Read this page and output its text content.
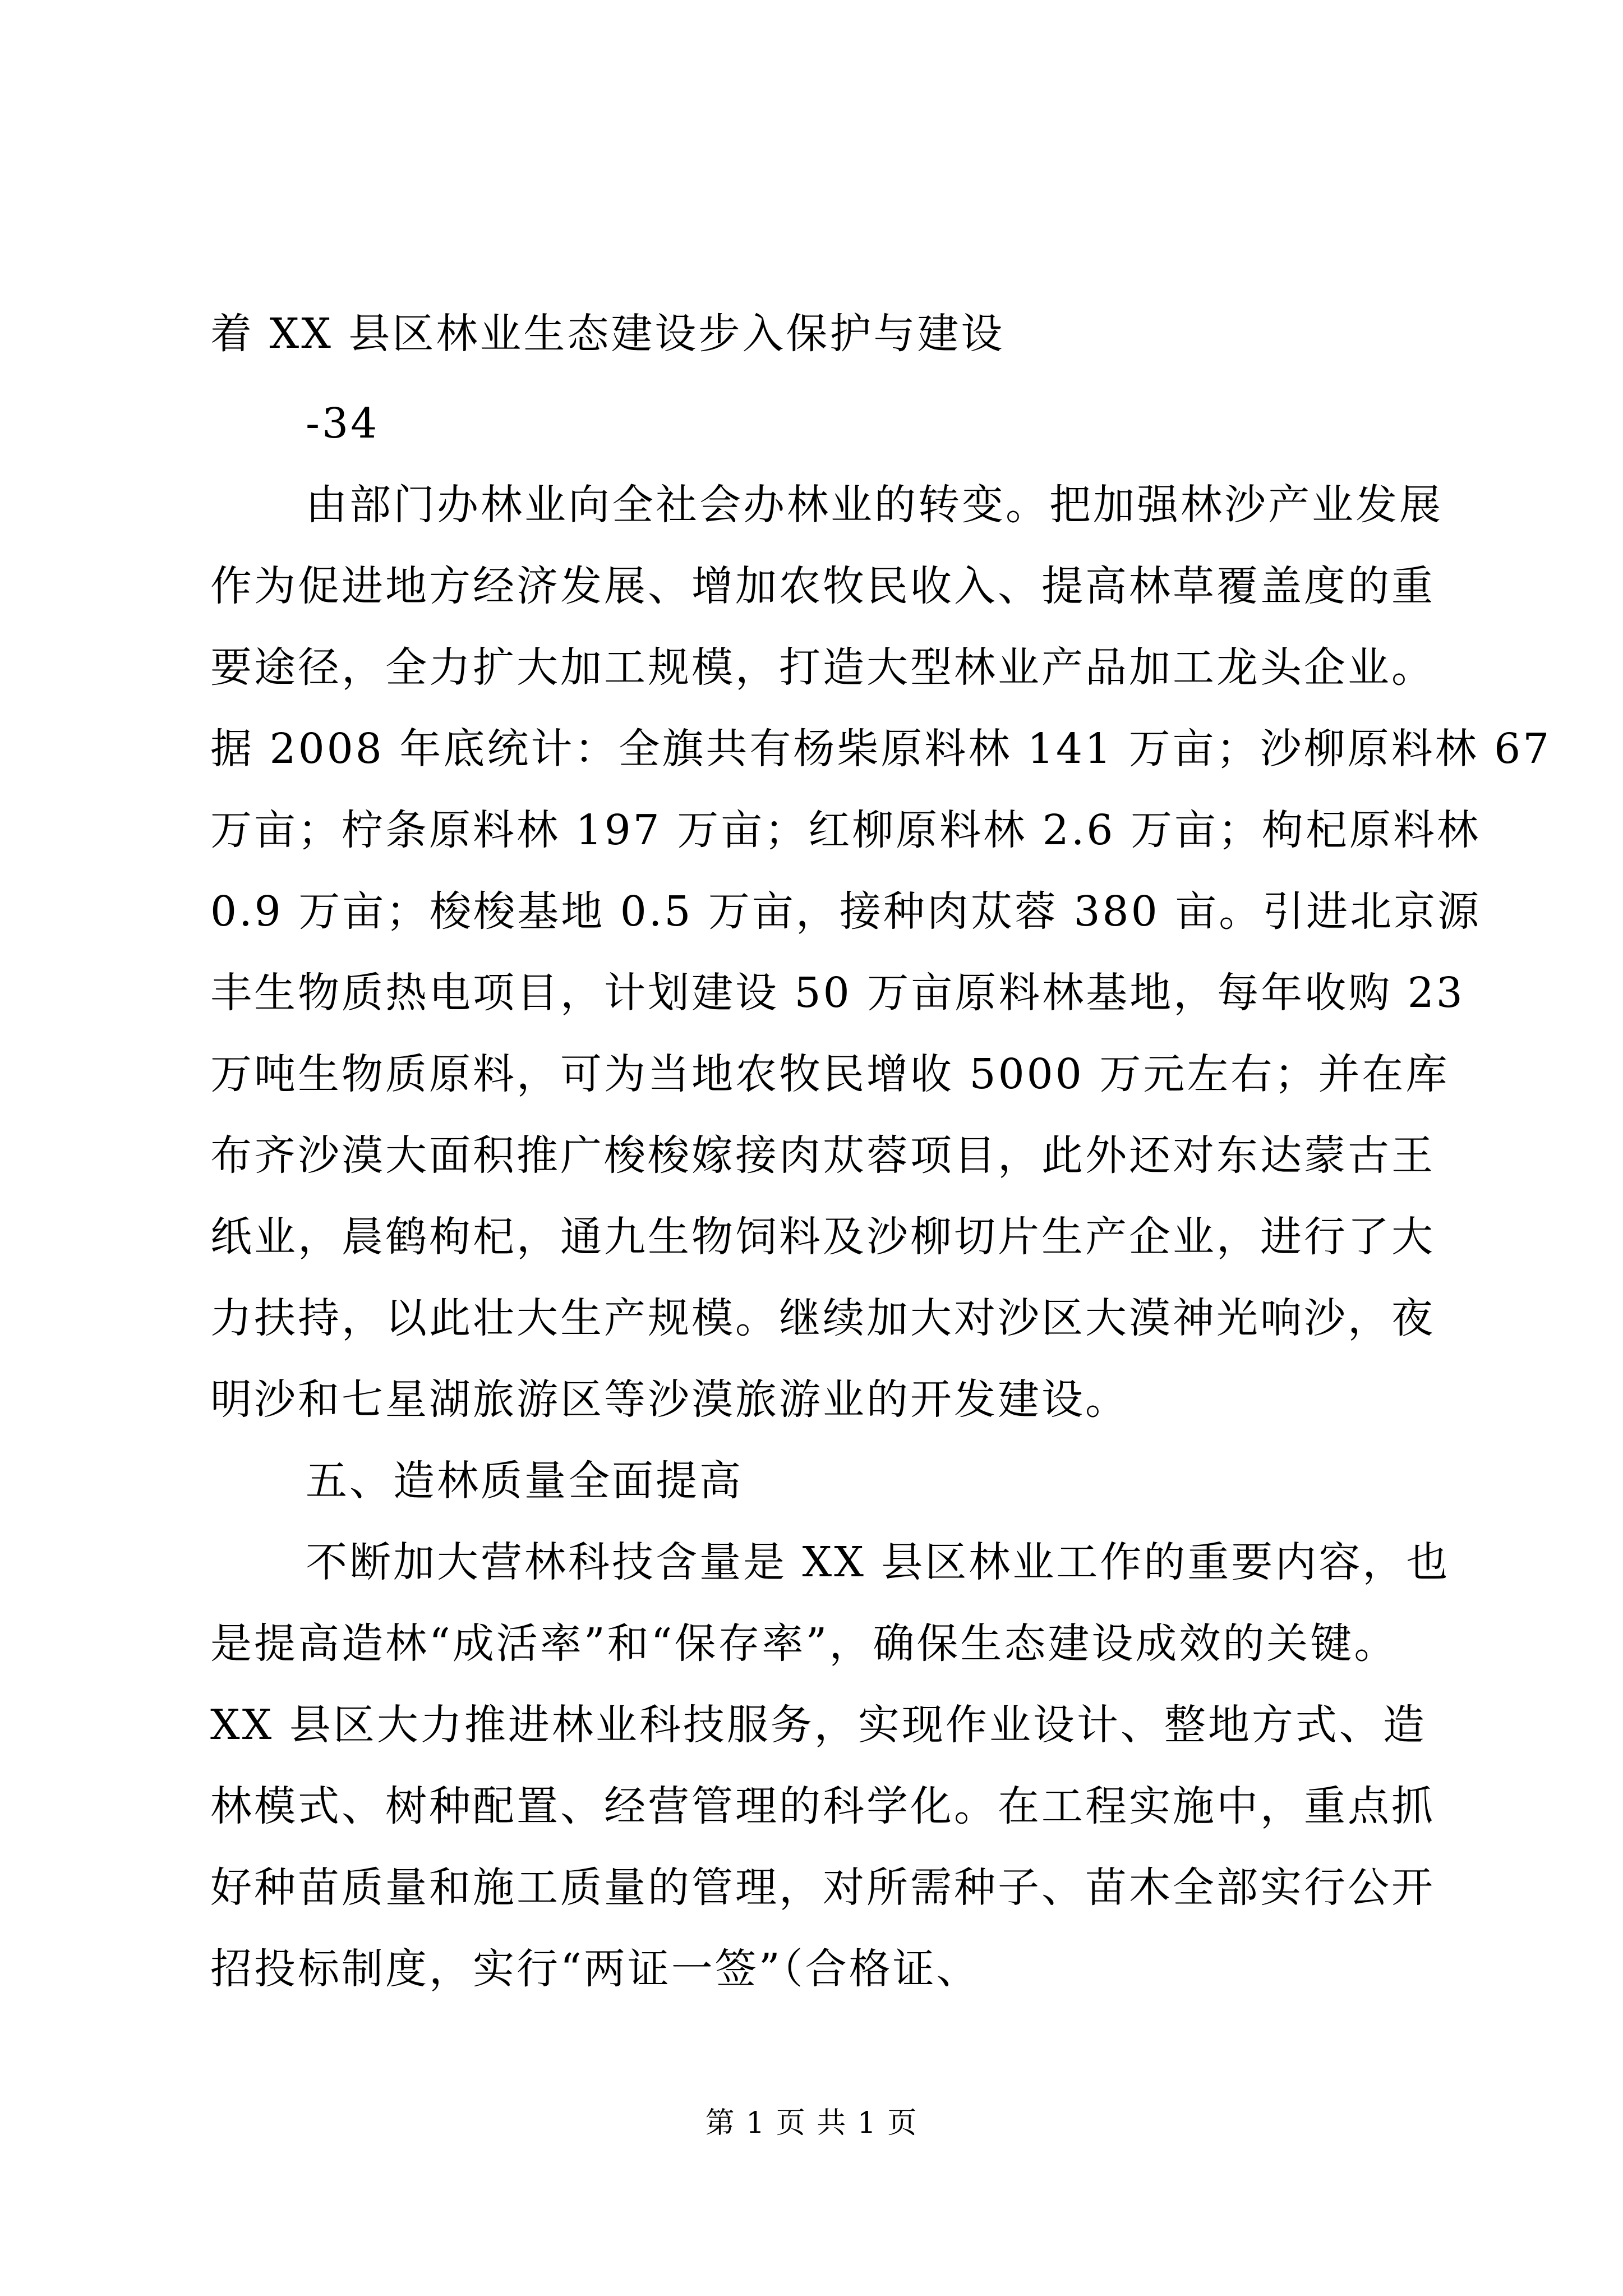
着 XX 县区林业生态建设步入保护与建设
-34
由部门办林业向全社会办林业的转变。把加强林沙产业发展
作为促进地方经济发展、增加农牧民收入、提高林草覆盖度的重
要途径，全力扩大加工规模，打造大型林业产品加工龙头企业。
据 2008 年底统计：全旗共有杨柴原料林 141 万亩；沙柳原料林 67
万亩；柠条原料林 197 万亩；红柳原料林 2.6 万亩；枸杞原料林
0.9 万亩；梭梭基地 0.5 万亩，接种肉苁蓉 380 亩。引进北京源
丰生物质热电项目，计划建设 50 万亩原料林基地，每年收购 23
万吨生物质原料，可为当地农牧民增收 5000 万元左右；并在库
布齐沙漠大面积推广梭梭嫁接肉苁蓉项目，此外还对东达蒙古王
纸业，晨鹤枸杞，通九生物饲料及沙柳切片生产企业，进行了大
力扶持，以此壮大生产规模。继续加大对沙区大漠神光响沙，夜
明沙和七星湖旅游区等沙漠旅游业的开发建设。
五、造林质量全面提高
不断加大营林科技含量是 XX 县区林业工作的重要内容，也
是提高造林“成活率”和“保存率”，确保生态建设成效的关键。
XX 县区大力推进林业科技服务，实现作业设计、整地方式、造
林模式、树种配置、经营管理的科学化。在工程实施中，重点抓
好种苗质量和施工质量的管理，对所需种子、苗木全部实行公开
招投标制度，实行“两证一签”（合格证、
第 1 页 共 1 页
